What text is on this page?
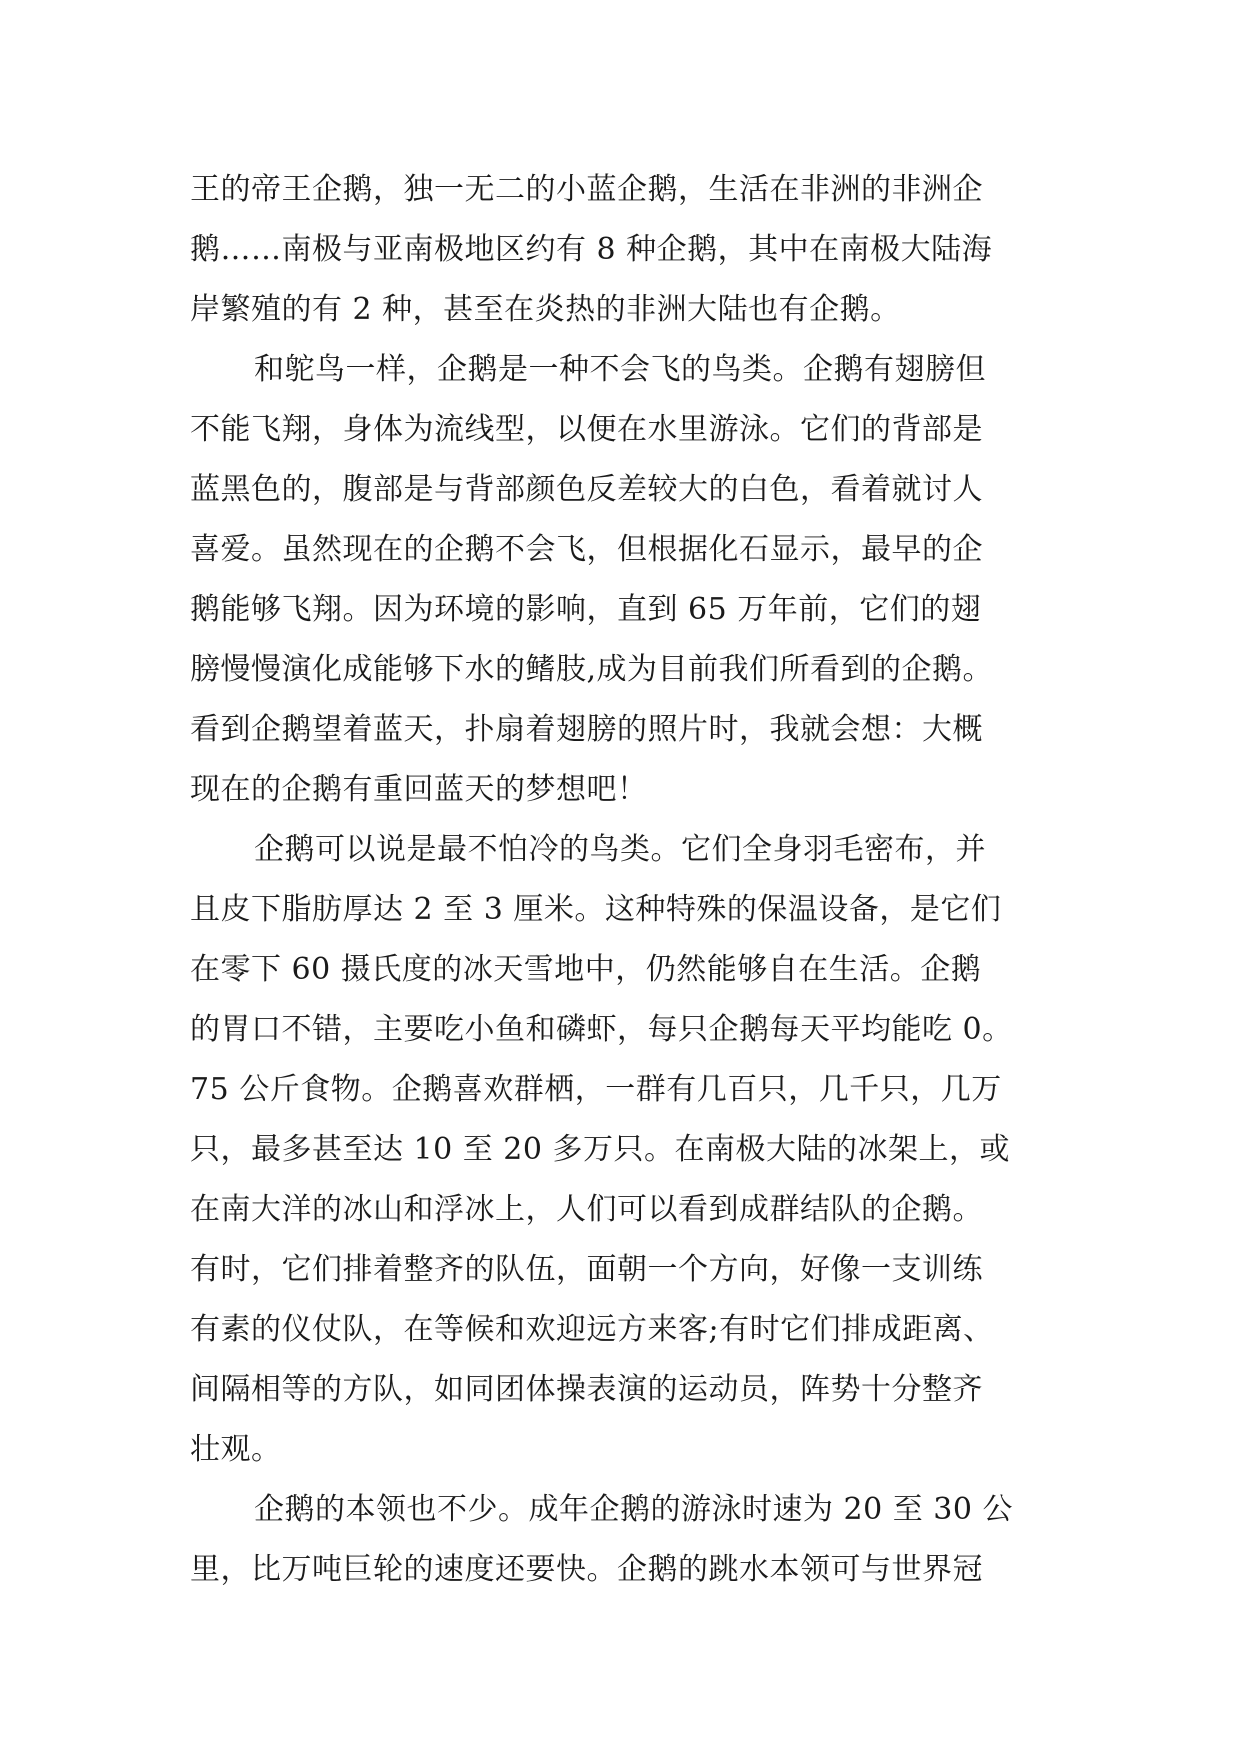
王的帝王企鹅，独一无二的小蓝企鹅，生活在非洲的非洲企
鹅……南极与亚南极地区约有 8 种企鹅，其中在南极大陆海
岸繁殖的有 2 种，甚至在炎热的非洲大陆也有企鹅。
和鸵鸟一样，企鹅是一种不会飞的鸟类。企鹅有翅膀但
不能飞翔，身体为流线型，以便在水里游泳。它们的背部是
蓝黑色的，腹部是与背部颜色反差较大的白色，看着就讨人
喜爱。虽然现在的企鹅不会飞，但根据化石显示，最早的企
鹅能够飞翔。因为环境的影响，直到 65 万年前，它们的翅
膀慢慢演化成能够下水的鳍肢,成为目前我们所看到的企鹅。
看到企鹅望着蓝天，扑扇着翅膀的照片时，我就会想：大概
现在的企鹅有重回蓝天的梦想吧！
企鹅可以说是最不怕冷的鸟类。它们全身羽毛密布，并
且皮下脂肪厚达 2 至 3 厘米。这种特殊的保温设备，是它们
在零下 60 摄氏度的冰天雪地中，仍然能够自在生活。企鹅
的胃口不错，主要吃小鱼和磷虾，每只企鹅每天平均能吃 0。
75 公斤食物。企鹅喜欢群栖，一群有几百只，几千只，几万
只，最多甚至达 10 至 20 多万只。在南极大陆的冰架上，或
在南大洋的冰山和浮冰上，人们可以看到成群结队的企鹅。
有时，它们排着整齐的队伍，面朝一个方向，好像一支训练
有素的仪仗队，在等候和欢迎远方来客;有时它们排成距离、
间隔相等的方队，如同团体操表演的运动员，阵势十分整齐
壮观。
企鹅的本领也不少。成年企鹅的游泳时速为 20 至 30 公
里，比万吨巨轮的速度还要快。企鹅的跳水本领可与世界冠
